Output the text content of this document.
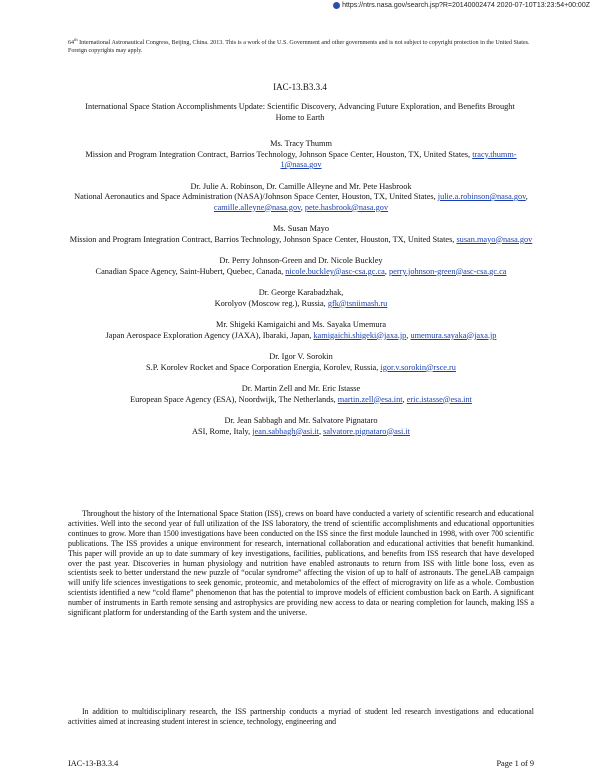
https://ntrs.nasa.gov/search.jsp?R=20140002474 2020-07-10T13:23:54+00:00Z
64th International Astronautical Congress, Beijing, China. 2013. This is a work of the U.S. Government and other governments and is not subject to copyright protection in the United States. Foreign copyrights may apply.
IAC-13.B3.3.4
International Space Station Accomplishments Update: Scientific Discovery, Advancing Future Exploration, and Benefits Brought Home to Earth
Ms. Tracy Thumm
Mission and Program Integration Contract, Barrios Technology, Johnson Space Center, Houston, TX, United States, tracy.thumm-1@nasa.gov
Dr. Julie A. Robinson, Dr. Camille Alleyne and Mr. Pete Hasbrook
National Aeronautics and Space Administration (NASA)/Johnson Space Center, Houston, TX, United States, julie.a.robinson@nasa.gov, camille.alleyne@nasa.gov, pete.hasbrook@nasa.gov
Ms. Susan Mayo
Mission and Program Integration Contract, Barrios Technology, Johnson Space Center, Houston, TX, United States, susan.mayo@nasa.gov
Dr. Perry Johnson-Green and Dr. Nicole Buckley
Canadian Space Agency, Saint-Hubert, Quebec, Canada, nicole.buckley@asc-csa.gc.ca, perry.johnson-green@asc-csa.gc.ca
Dr. George Karabadzhak,
Korolyov (Moscow reg.), Russia, gfk@tsniimash.ru
Mr. Shigeki Kamigaichi and Ms. Sayaka Umemura
Japan Aerospace Exploration Agency (JAXA), Ibaraki, Japan, kamigaichi.shigeki@jaxa.jp, umemura.sayaka@jaxa.jp
Dr. Igor V. Sorokin
S.P. Korolev Rocket and Space Corporation Energia, Korolev, Russia, igor.v.sorokin@rsce.ru
Dr. Martin Zell and Mr. Eric Istasse
European Space Agency (ESA), Noordwijk, The Netherlands, martin.zell@esa.int, eric.istasse@esa.int
Dr. Jean Sabbagh and Mr. Salvatore Pignataro
ASI, Rome, Italy, jean.sabbagh@asi.it, salvatore.pignataro@asi.it

Throughout the history of the International Space Station (ISS), crews on board have conducted a variety of scientific research and educational activities. Well into the second year of full utilization of the ISS laboratory, the trend of scientific accomplishments and educational opportunities continues to grow. More than 1500 investigations have been conducted on the ISS since the first module launched in 1998, with over 700 scientific publications. The ISS provides a unique environment for research, international collaboration and educational activities that benefit humankind. This paper will provide an up to date summary of key investigations, facilities, publications, and benefits from ISS research that have developed over the past year. Discoveries in human physiology and nutrition have enabled astronauts to return from ISS with little bone loss, even as scientists seek to better understand the new puzzle of “ocular syndrome” affecting the vision of up to half of astronauts. The geneLAB campaign will unify life sciences investigations to seek genomic, proteomic, and metabolomics of the effect of microgravity on life as a whole. Combustion scientists identified a new “cold flame” phenomenon that has the potential to improve models of efficient combustion back on Earth. A significant number of instruments in Earth remote sensing and astrophysics are providing new access to data or nearing completion for launch, making ISS a significant platform for understanding of the Earth system and the universe.

In addition to multidisciplinary research, the ISS partnership conducts a myriad of student led research investigations and educational activities aimed at increasing student interest in science, technology, engineering and

IAC-13-B3.3.4	Page 1 of 9
